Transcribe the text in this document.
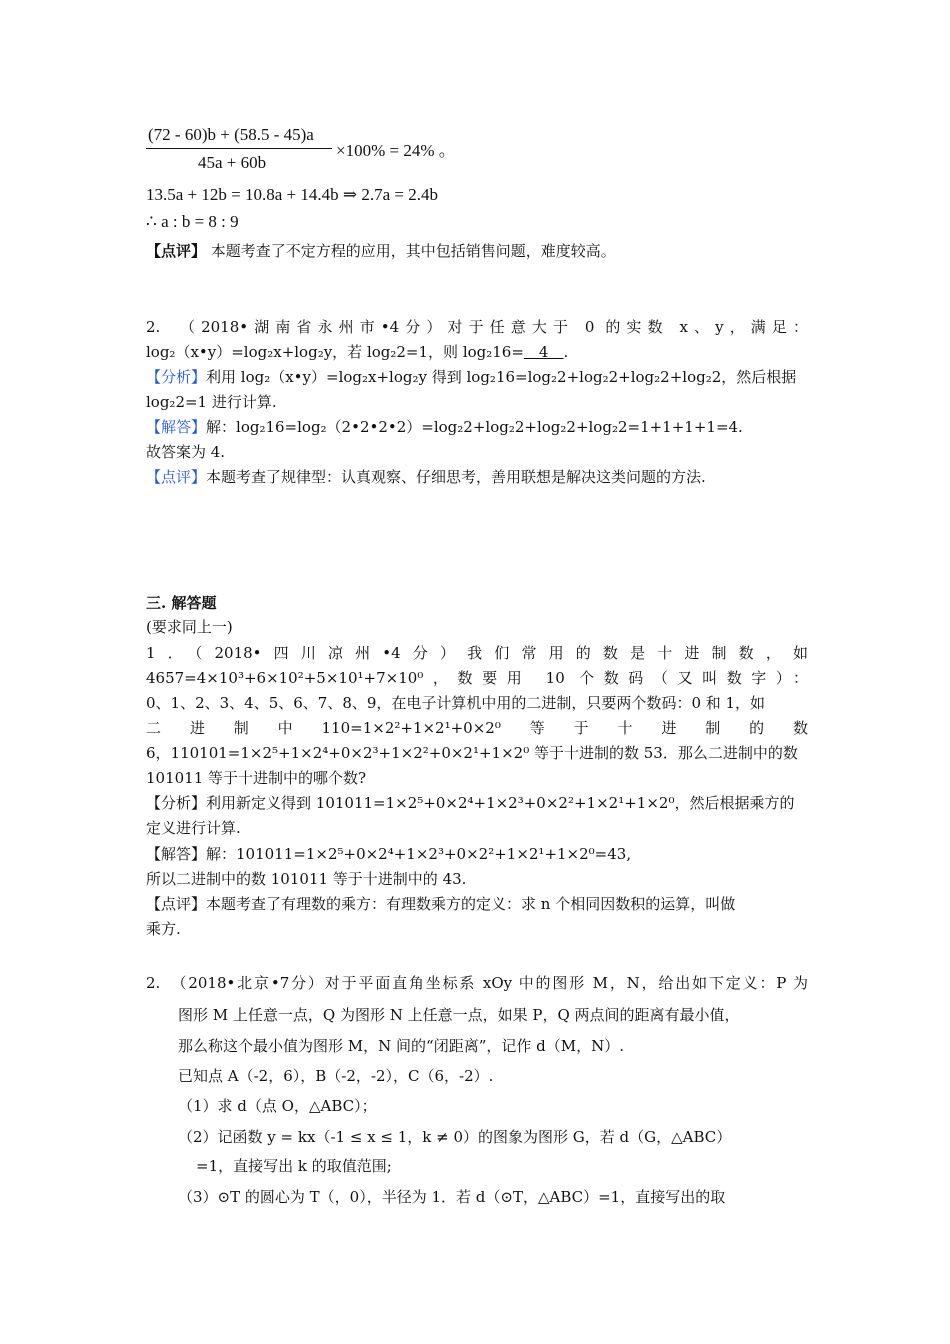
(72 - 60)b + (58.5 - 45)a
45a + 60b
×100% = 24% 。
13.5a + 12b = 10.8a + 14.4b ⇒ 2.7a = 2.4b
∴ a : b = 8 : 9
【点评】 本题考查了不定方程的应用，其中包括销售问题，难度较高。
2.　（2018•湖南省永州市•4分）对于任意大于 0 的实数 x、y，满足：
log₂（x•y）=log₂x+log₂y，若 log₂2=1，则 log₂16=　4　.
【分析】利用 log₂（x•y）=log₂x+log₂y 得到 log₂16=log₂2+log₂2+log₂2+log₂2，然后根据
log₂2=1 进行计算.
【解答】解：log₂16=log₂（2•2•2•2）=log₂2+log₂2+log₂2+log₂2=1+1+1+1=4.
故答案为 4.
【点评】本题考查了规律型：认真观察、仔细思考，善用联想是解决这类问题的方法.
三. 解答题
(要求同上一)
1．（2018•四川凉州•4分）我们常用的数是十进制数，如
4657=4×10³+6×10²+5×10¹+7×10⁰，数要用 10 个数码（又叫数字）：
0、1、2、3、4、5、6、7、8、9，在电子计算机中用的二进制，只要两个数码：0 和 1，如
二　进　制　中　110=1×2²+1×2¹+0×2⁰　等　于　十　进　制　的　数
6，110101=1×2⁵+1×2⁴+0×2³+1×2²+0×2¹+1×2⁰ 等于十进制的数 53．那么二进制中的数
101011 等于十进制中的哪个数?
【分析】利用新定义得到 101011=1×2⁵+0×2⁴+1×2³+0×2²+1×2¹+1×2⁰，然后根据乘方的
定义进行计算.
【解答】解：101011=1×2⁵+0×2⁴+1×2³+0×2²+1×2¹+1×2⁰=43,
所以二进制中的数 101011 等于十进制中的 43.
【点评】本题考查了有理数的乘方：有理数乘方的定义：求 n 个相同因数积的运算，叫做
乘方.
2.　（2018•北京•7分）对于平面直角坐标系 xOy 中的图形 M，N，给出如下定义：P 为
图形 M 上任意一点，Q 为图形 N 上任意一点，如果 P，Q 两点间的距离有最小值，
那么称这个最小值为图形 M，N 间的“闭距离”，记作 d（M，N）.
已知点 A（-2，6），B（-2，-2），C（6，-2）.
（1）求 d（点 O，△ABC）；
（2）记函数 y = kx（-1 ≤ x ≤ 1，k ≠ 0）的图象为图形 G，若 d（G，△ABC）
=1，直接写出 k 的取值范围;
（3）⊙T 的圆心为 T（，0），半径为 1．若 d（⊙T，△ABC）=1，直接写出的取
